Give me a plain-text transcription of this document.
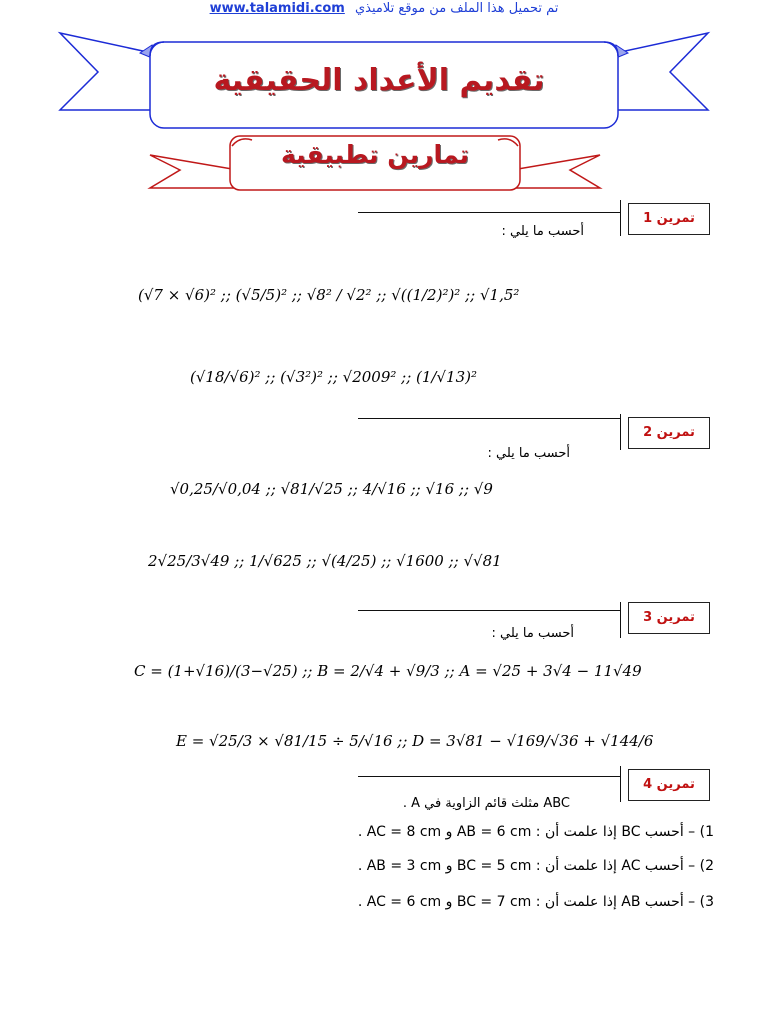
www.talamidi.com تم تحميل هذا الملف من موقع تلاميذي
تقديم الأعداد الحقيقية
تمارين تطبيقية
تمرين 1
أحسب ما يلي :
(√7 × √6)² ;; (√5/5)² ;; √8² / √2² ;; √((1/2)²)² ;; √1,5²
(√18/√6)² ;; (√3²)² ;; √2009² ;; (1/√13)²
تمرين 2
أحسب ما يلي :
√0,25/√0,04 ;; √81/√25 ;; 4/√16 ;; √16 ;; √9
2√25/3√49 ;; 1/√625 ;; √(4/25) ;; √1600 ;; √√81
تمرين 3
أحسب ما يلي :
C = (1+√16)/(3−√25) ;; B = 2/√4 + √9/3 ;; A = √25 + 3√4 − 11√49
E = √25/3 × √81/15 ÷ 5/√16 ;; D = 3√81 − √169/√36 + √144/6
تمرين 4
ABC مثلث قائم الزاوية في A .
1) – أحسب BC إذا علمت أن : AB = 6 cm و AC = 8 cm .
2) – أحسب AC إذا علمت أن : BC = 5 cm و AB = 3 cm .
3) – أحسب AB إذا علمت أن : BC = 7 cm و AC = 6 cm .
